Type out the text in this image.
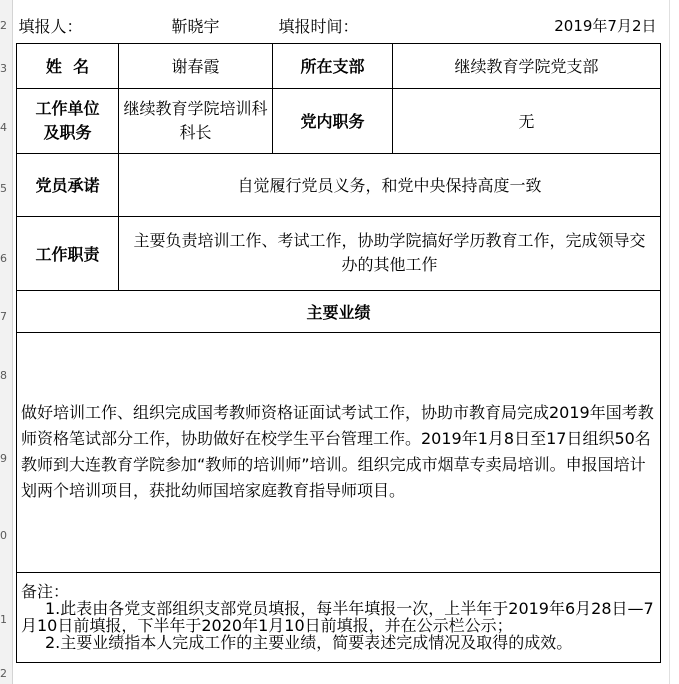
2
3
4
5
6
7
8
9
0
1
2
填报人：	靳晓宇	填报时间：	2019年7月2日
姓  名	谢春霞	所在支部	继续教育学院党支部
工作单位及职务	继续教育学院培训科科长	党内职务	无
党员承诺	自觉履行党员义务，和党中央保持高度一致		
工作职责	主要负责培训工作、考试工作，协助学院搞好学历教育工作，完成领导交办的其他工作		
主要业绩			
做好培训工作、组织完成国考教师资格证面试考试工作，协助市教育局完成2019年国考教师资格笔试部分工作，协助做好在校学生平台管理工作。2019年1月8日至17日组织50名教师到大连教育学院参加“教师的培训师”培训。组织完成市烟草专卖局培训。申报国培计划两个培训项目，获批幼师国培家庭教育指导师项目。			

备注：
1.此表由各党支部组织支部党员填报，每半年填报一次，上半年于2019年6月28日—7月10日前填报，下半年于2020年1月10日前填报，并在公示栏公示；
2.主要业绩指本人完成工作的主要业绩，简要表述完成情况及取得的成效。			
